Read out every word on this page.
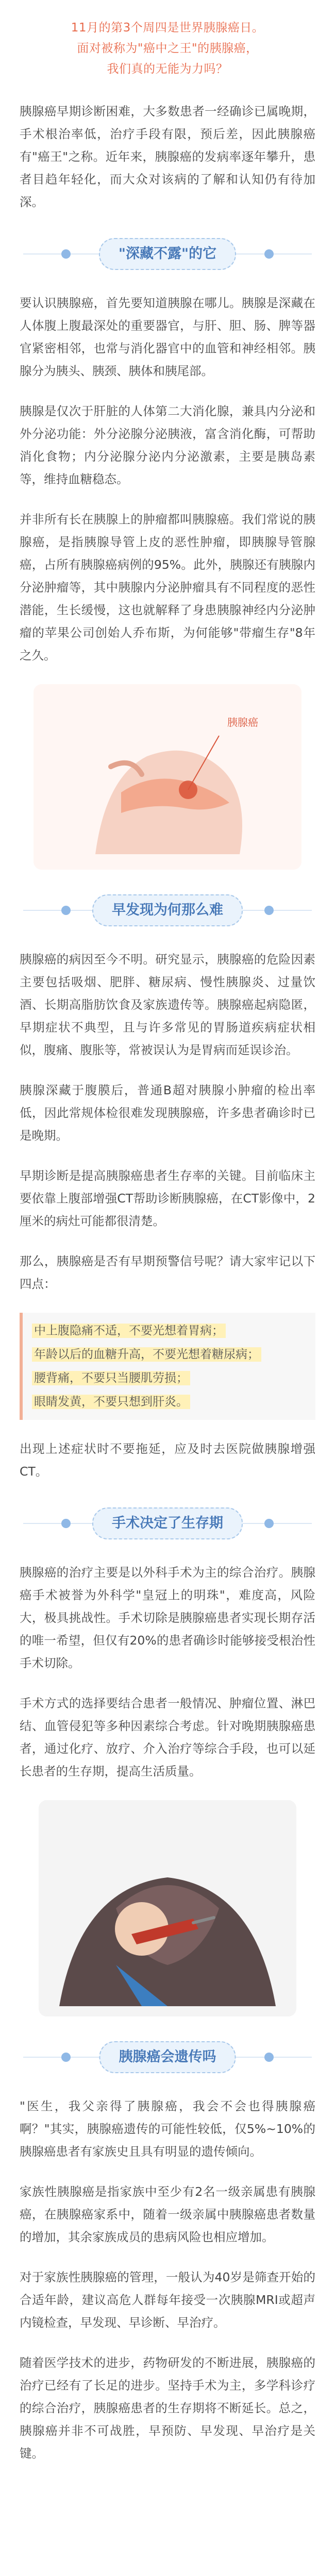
11月的第3个周四是世界胰腺癌日。
面对被称为"癌中之王"的胰腺癌，
我们真的无能为力吗？

胰腺癌早期诊断困难，大多数患者一经确诊已属晚期，手术根治率低，治疗手段有限，预后差，因此胰腺癌有"癌王"之称。近年来，胰腺癌的发病率逐年攀升，患者目趋年轻化，而大众对该病的了解和认知仍有待加深。

"深藏不露"的它

要认识胰腺癌，首先要知道胰腺在哪儿。胰腺是深藏在人体腹上腹最深处的重要器官，与肝、胆、肠、脾等器官紧密相邻，也常与消化器官中的血管和神经相邻。胰腺分为胰头、胰颈、胰体和胰尾部。

胰腺是仅次于肝脏的人体第二大消化腺，兼具内分泌和外分泌功能：外分泌腺分泌胰液，富含消化酶，可帮助消化食物；内分泌腺分泌内分泌激素，主要是胰岛素等，维持血糖稳态。

并非所有长在胰腺上的肿瘤都叫胰腺癌。我们常说的胰腺癌，是指胰腺导管上皮的恶性肿瘤，即胰腺导管腺癌，占所有胰腺癌病例的95%。此外，胰腺还有胰腺内分泌肿瘤等，其中胰腺内分泌肿瘤具有不同程度的恶性潜能，生长缓慢，这也就解释了身患胰腺神经内分泌肿瘤的苹果公司创始人乔布斯，为何能够"带瘤生存"8年之久。

胰腺癌
早发现为何那么难

胰腺癌的病因至今不明。研究显示，胰腺癌的危险因素主要包括吸烟、肥胖、糖尿病、慢性胰腺炎、过量饮酒、长期高脂肪饮食及家族遗传等。胰腺癌起病隐匿，早期症状不典型，且与许多常见的胃肠道疾病症状相似，腹痛、腹胀等，常被误认为是胃病而延误诊治。

胰腺深藏于腹膜后，普通B超对胰腺小肿瘤的检出率低，因此常规体检很难发现胰腺癌，许多患者确诊时已是晚期。

早期诊断是提高胰腺癌患者生存率的关键。目前临床主要依靠上腹部增强CT帮助诊断胰腺癌，在CT影像中，2厘米的病灶可能都很清楚。

那么，胰腺癌是否有早期预警信号呢？请大家牢记以下四点：

中上腹隐痛不适，不要光想着胃病；
年龄以后的血糖升高，不要光想着糖尿病；
腰背痛，不要只当腰肌劳损；
眼睛发黄，不要只想到肝炎。

出现上述症状时不要拖延，应及时去医院做胰腺增强CT。

手术决定了生存期

胰腺癌的治疗主要是以外科手术为主的综合治疗。胰腺癌手术被誉为外科学"皇冠上的明珠"，难度高，风险大，极具挑战性。手术切除是胰腺癌患者实现长期存活的唯一希望，但仅有20%的患者确诊时能够接受根治性手术切除。

手术方式的选择要结合患者一般情况、肿瘤位置、淋巴结、血管侵犯等多种因素综合考虑。针对晚期胰腺癌患者，通过化疗、放疗、介入治疗等综合手段，也可以延长患者的生存期，提高生活质量。

胰腺癌会遗传吗

"医生，我父亲得了胰腺癌，我会不会也得胰腺癌啊？"其实，胰腺癌遗传的可能性较低，仅5%~10%的胰腺癌患者有家族史且具有明显的遗传倾向。

家族性胰腺癌是指家族中至少有2名一级亲属患有胰腺癌，在胰腺癌家系中，随着一级亲属中胰腺癌患者数量的增加，其余家族成员的患病风险也相应增加。

对于家族性胰腺癌的管理，一般认为40岁是筛查开始的合适年龄，建议高危人群每年接受一次胰腺MRI或超声内镜检查，早发现、早诊断、早治疗。

随着医学技术的进步，药物研发的不断进展，胰腺癌的治疗已经有了长足的进步。坚持手术为主，多学科诊疗的综合治疗，胰腺癌患者的生存期将不断延长。总之，胰腺癌并非不可战胜，早预防、早发现、早治疗是关键。
